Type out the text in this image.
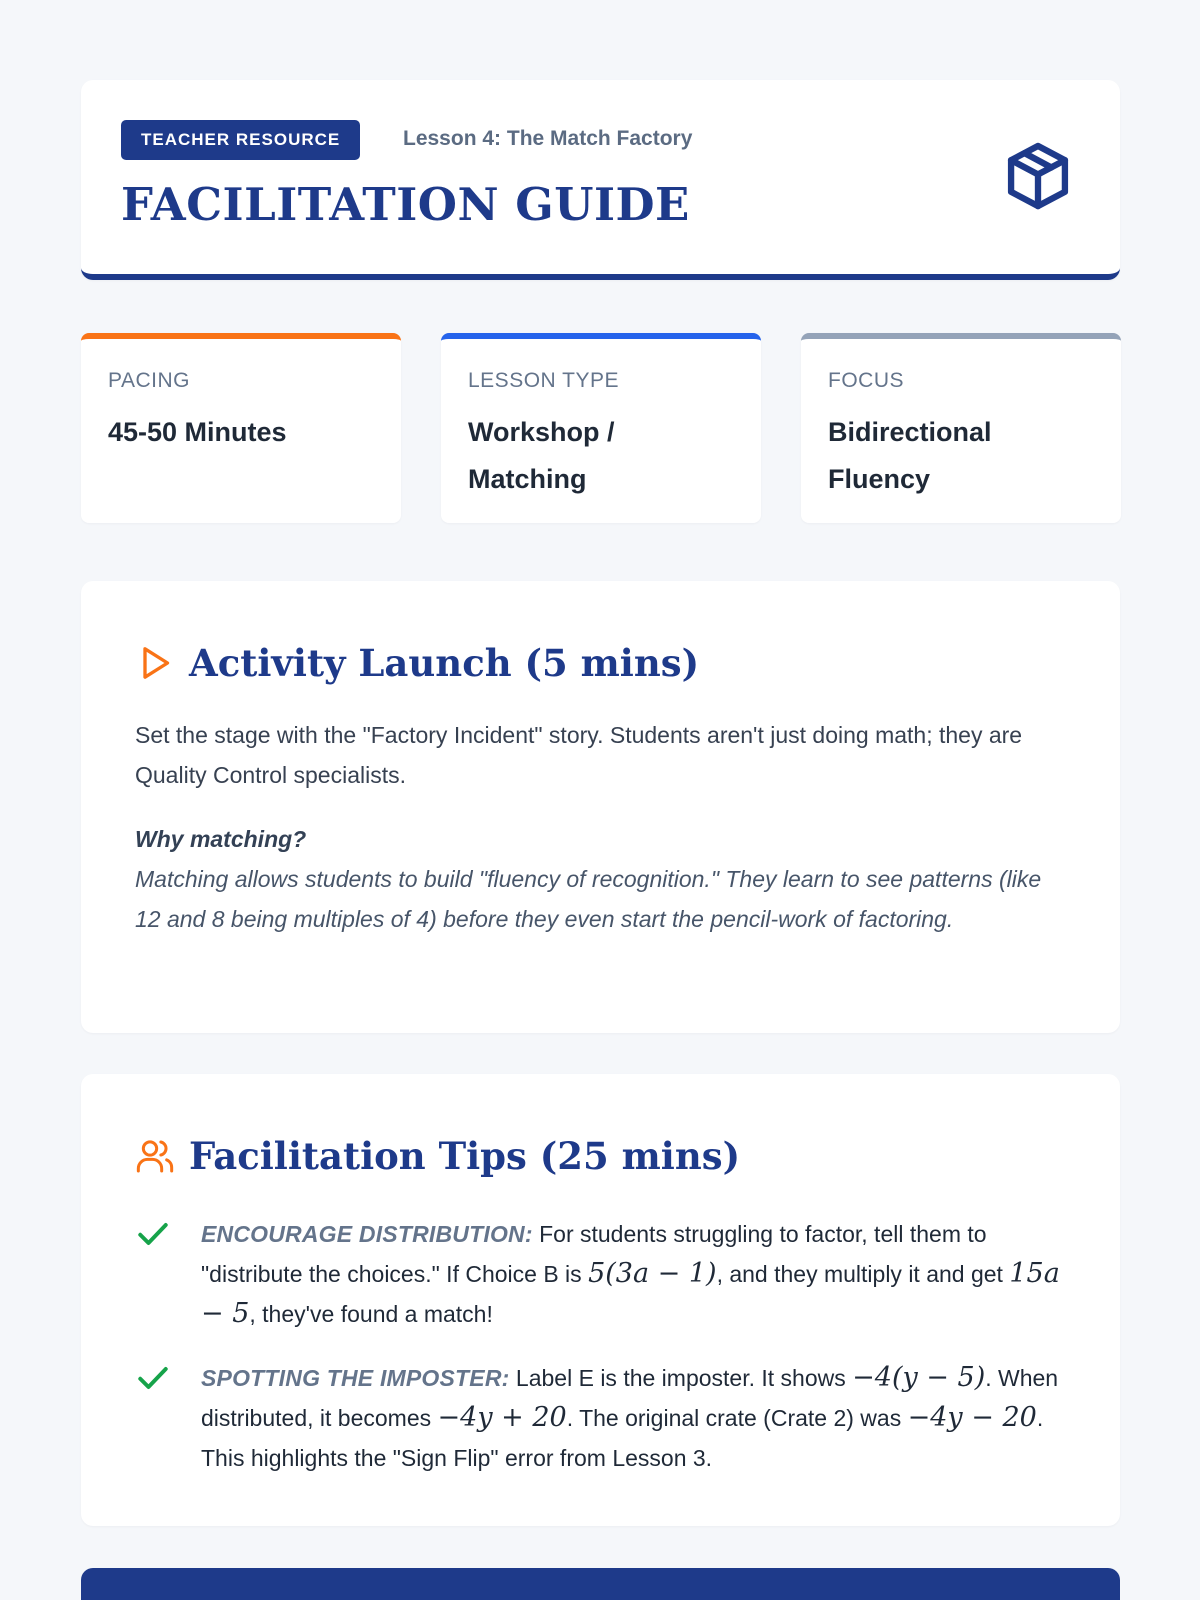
TEACHER RESOURCE	Lesson 4: The Match Factory
FACILITATION GUIDE
PACING
45-50 Minutes
LESSON TYPE
Workshop / Matching
FOCUS
Bidirectional Fluency
Activity Launch (5 mins)

Set the stage with the "Factory Incident" story. Students aren't just doing math; they are Quality Control specialists.

Why matching?
Matching allows students to build "fluency of recognition." They learn to see patterns (like 12 and 8 being multiples of 4) before they even start the pencil-work of factoring.
Facilitation Tips (25 mins)
ENCOURAGE DISTRIBUTION: For students struggling to factor, tell them to "distribute the choices." If Choice B is 5(3a − 1), and they multiply it and get 15a − 5, they've found a match!
SPOTTING THE IMPOSTER: Label E is the imposter. It shows −4(y − 5). When distributed, it becomes −4y + 20. The original crate (Crate 2) was −4y − 20. This highlights the "Sign Flip" error from Lesson 3.
